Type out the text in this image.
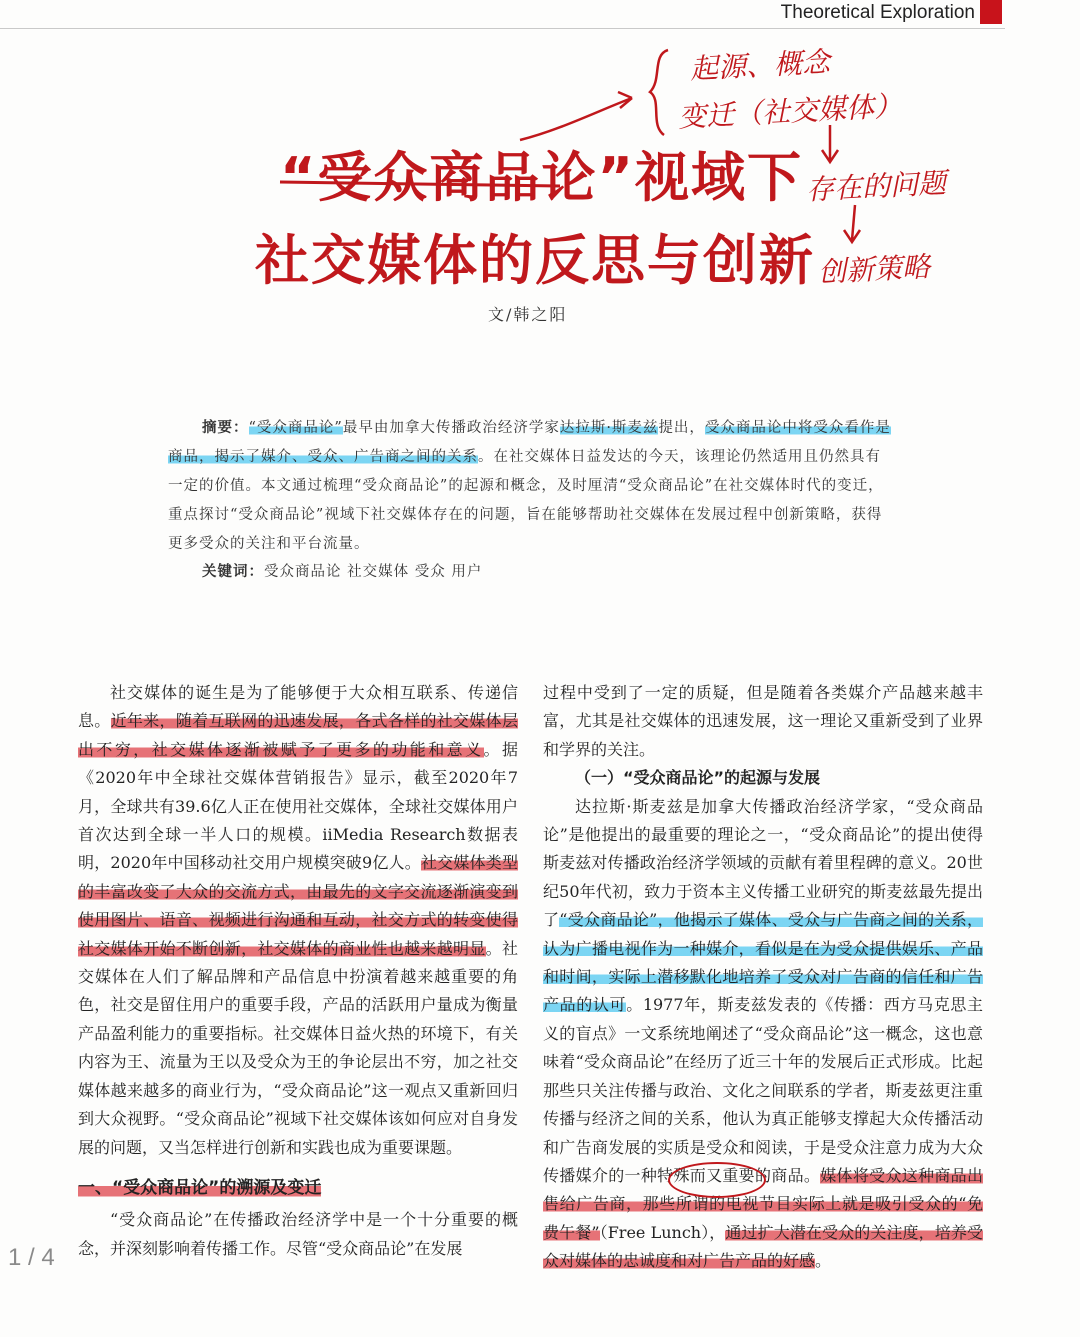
Theoretical Exploration
“受众商品论”视域下
社交媒体的反思与创新
文/韩之阳
起源、概念
变迁（社交媒体）
存在的问题
创新策略

摘要：“受众商品论”最早由加拿大传播政治经济学家达拉斯·斯麦兹提出，受众商品论中将受众看作是商品，揭示了媒介、受众、广告商之间的关系。在社交媒体日益发达的今天，该理论仍然适用且仍然具有一定的价值。本文通过梳理“受众商品论”的起源和概念，及时厘清“受众商品论”在社交媒体时代的变迁，重点探讨“受众商品论”视域下社交媒体存在的问题，旨在能够帮助社交媒体在发展过程中创新策略，获得更多受众的关注和平台流量。

关键词：受众商品论 社交媒体 受众 用户

社交媒体的诞生是为了能够便于大众相互联系、传递信息。近年来，随着互联网的迅速发展，各式各样的社交媒体层出不穷，社交媒体逐渐被赋予了更多的功能和意义。据《2020年中全球社交媒体营销报告》显示，截至2020年7月，全球共有39.6亿人正在使用社交媒体，全球社交媒体用户首次达到全球一半人口的规模。iiMedia Research数据表明，2020年中国移动社交用户规模突破9亿人。社交媒体类型的丰富改变了大众的交流方式，由最先的文字交流逐渐演变到使用图片、语音、视频进行沟通和互动，社交方式的转变使得社交媒体开始不断创新，社交媒体的商业性也越来越明显。社交媒体在人们了解品牌和产品信息中扮演着越来越重要的角色，社交是留住用户的重要手段，产品的活跃用户量成为衡量产品盈利能力的重要指标。社交媒体日益火热的环境下，有关内容为王、流量为王以及受众为王的争论层出不穷，加之社交媒体越来越多的商业行为，“受众商品论”这一观点又重新回归到大众视野。“受众商品论”视域下社交媒体该如何应对自身发展的问题，又当怎样进行创新和实践也成为重要课题。

一、“受众商品论”的溯源及变迁

“受众商品论”在传播政治经济学中是一个十分重要的概念，并深刻影响着传播工作。尽管“受众商品论”在发展

过程中受到了一定的质疑，但是随着各类媒介产品越来越丰富，尤其是社交媒体的迅速发展，这一理论又重新受到了业界和学界的关注。

（一）“受众商品论”的起源与发展

达拉斯·斯麦兹是加拿大传播政治经济学家，“受众商品论”是他提出的最重要的理论之一，“受众商品论”的提出使得斯麦兹对传播政治经济学领域的贡献有着里程碑的意义。20世纪50年代初，致力于资本主义传播工业研究的斯麦兹最先提出了“受众商品论”，他揭示了媒体、受众与广告商之间的关系，认为广播电视作为一种媒介，看似是在为受众提供娱乐、产品和时间，实际上潜移默化地培养了受众对广告商的信任和广告产品的认可。1977年，斯麦兹发表的《传播：西方马克思主义的盲点》一文系统地阐述了“受众商品论”这一概念，这也意味着“受众商品论”在经历了近三十年的发展后正式形成。比起那些只关注传播与政治、文化之间联系的学者，斯麦兹更注重传播与经济之间的关系，他认为真正能够支撑起大众传播活动和广告商发展的实质是受众和阅读，于是受众注意力成为大众传播媒介的一种特殊而又重要的商品。媒体将受众这种商品出售给广告商，那些所谓的电视节目实际上就是吸引受众的“免费午餐”（Free Lunch），通过扩大潜在受众的关注度，培养受众对媒体的忠诚度和对广告产品的好感。

1 / 4
